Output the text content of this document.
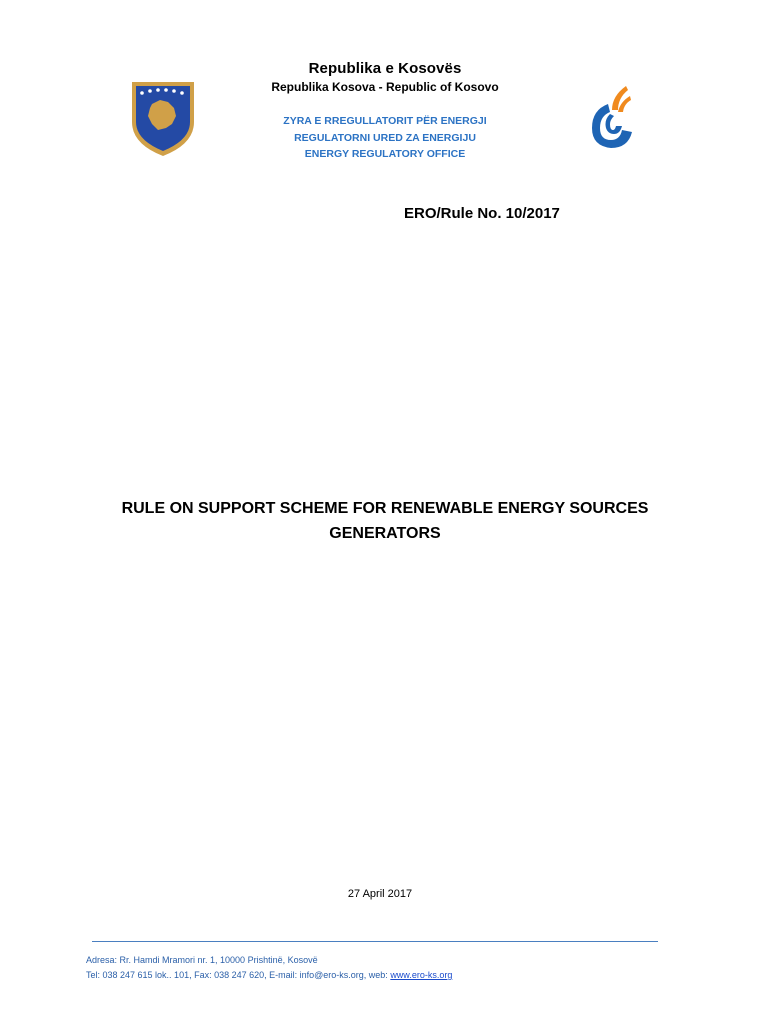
Republika e Kosovës
Republika Kosova - Republic of Kosovo
ZYRA E RREGULLATORIT PËR ENERGJI
REGULATORNI URED ZA ENERGIJU
ENERGY REGULATORY OFFICE
ERO/Rule No. 10/2017
RULE ON SUPPORT SCHEME FOR RENEWABLE ENERGY SOURCES
GENERATORS
27 April 2017
Adresa: Rr. Hamdi Mramori nr. 1, 10000 Prishtinë, Kosovë
Tel: 038 247 615 lok.. 101, Fax: 038 247 620, E-mail: info@ero-ks.org, web: www.ero-ks.org
